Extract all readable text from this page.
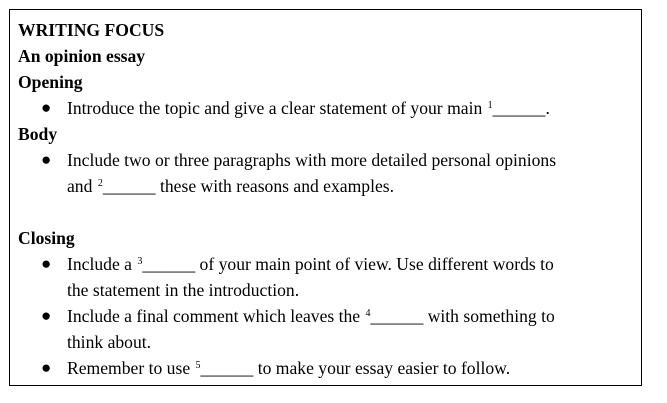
WRITING FOCUS
An opinion essay
Opening
● Introduce the topic and give a clear statement of your main $^1$______.
Body
● Include two or three paragraphs with more detailed personal opinions
and $^2$______ these with reasons and examples.
Closing
● Include a $^3$______ of your main point of view. Use different words to
the statement in the introduction.
● Include a final comment which leaves the $^4$______ with something to
think about.
● Remember to use $^5$______ to make your essay easier to follow.
